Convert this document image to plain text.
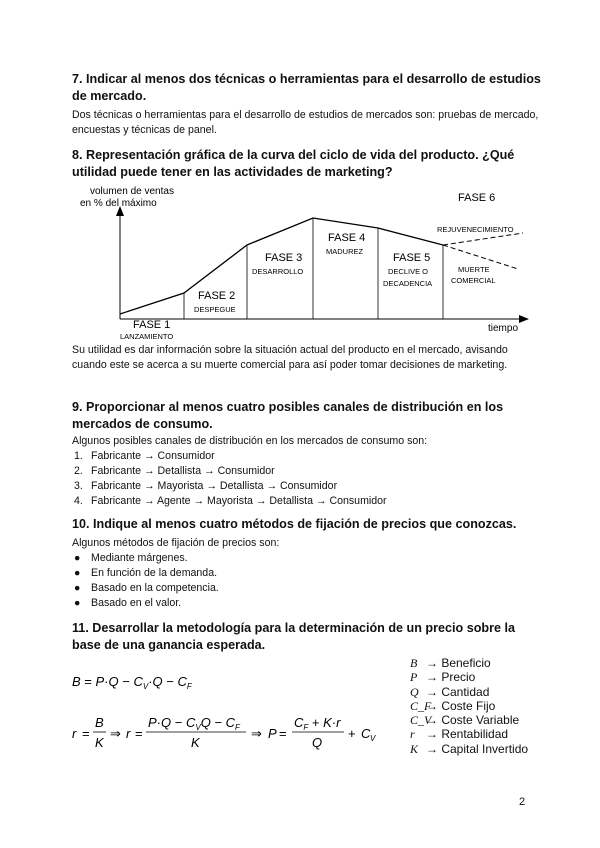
7. Indicar al menos dos técnicas o herramientas para el desarrollo de estudios de mercado.

Dos técnicas o herramientas para el desarrollo de estudios de mercados son: pruebas de mercado, encuestas y técnicas de panel.

8. Representación gráfica de la curva del ciclo de vida del producto. ¿Qué utilidad puede tener en las actividades de marketing?
volumen de ventas
en % del máximo
tiempo
FASE 1
LANZAMIENTO
FASE 2
DESPEGUE
FASE 3
DESARROLLO
FASE 4
MADUREZ
FASE 5
DECLIVE O
DECADENCIA
FASE 6
REJUVENECIMIENTO
MUERTE
COMERCIAL

Su utilidad es dar información sobre la situación actual del producto en el mercado, avisando cuando este se acerca a su muerte comercial para así poder tomar decisiones de marketing.

9. Proporcionar al menos cuatro posibles canales de distribución en los mercados de consumo.

Algunos posibles canales de distribución en los mercados de consumo son:

1. Fabricante → Consumidor
2. Fabricante → Detallista → Consumidor
3. Fabricante → Mayorista → Detallista → Consumidor
4. Fabricante → Agente → Mayorista → Detallista → Consumidor
10. Indique al menos cuatro métodos de fijación de precios que conozcas.

Algunos métodos de fijación de precios son:

● Mediante márgenes.
● En función de la demanda.
● Basado en la competencia.
● Basado en el valor.
11. Desarrollar la metodología para la determinación de un precio sobre la base de una ganancia esperada.
$B = P\cdot Q - C_V\cdot Q - C_F$
r =
B
K
⇒ r =
$P\cdot Q - C_VQ - C_F$
K
⇒ P =
$C_F + K\cdot r$
Q
+ C V
B → Beneficio
P → Precio
Q → Cantidad
C_F→ Coste Fijo
C_V→ Coste Variable
r → Rentabilidad
K → Capital Invertido
2
